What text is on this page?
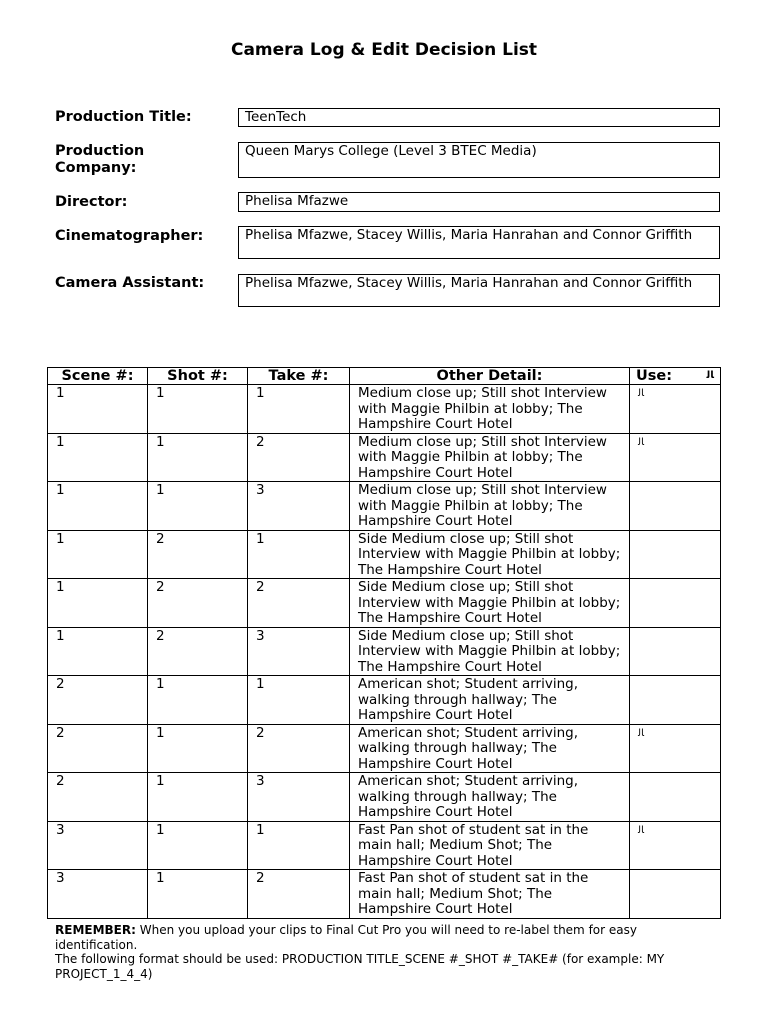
Camera Log & Edit Decision List
Production Title:	TeenTech
Production Company:
Queen Marys College (Level 3 BTEC Media)
Director:	Phelisa Mfazwe
Cinematographer:	Phelisa Mfazwe, Stacey Willis, Maria Hanrahan and Connor Griffith
Camera Assistant:	Phelisa Mfazwe, Stacey Willis, Maria Hanrahan and Connor Griffith
Scene #:	Shot #:	Take #:	Other Detail:	Use: ﺎﻟ

1	1	1	Medium close up; Still shot Interview with Maggie Philbin at lobby; The Hampshire Court Hotel	ﺎﻟ
1	1	2	Medium close up; Still shot Interview with Maggie Philbin at lobby; The Hampshire Court Hotel	ﺎﻟ
1	1	3	Medium close up; Still shot Interview with Maggie Philbin at lobby; The Hampshire Court Hotel	
1	2	1	Side Medium close up; Still shot Interview with Maggie Philbin at lobby; The Hampshire Court Hotel	
1	2	2	Side Medium close up; Still shot Interview with Maggie Philbin at lobby; The Hampshire Court Hotel	
1	2	3	Side Medium close up; Still shot Interview with Maggie Philbin at lobby; The Hampshire Court Hotel	
2	1	1	American shot; Student arriving, walking through hallway; The Hampshire Court Hotel	
2	1	2	American shot; Student arriving, walking through hallway; The Hampshire Court Hotel	ﺎﻟ
2	1	3	American shot; Student arriving, walking through hallway; The Hampshire Court Hotel	
3	1	1	Fast Pan shot of student sat in the main hall; Medium Shot; The Hampshire Court Hotel	ﺎﻟ
3	1	2	Fast Pan shot of student sat in the main hall; Medium Shot; The Hampshire Court Hotel	
REMEMBER: When you upload your clips to Final Cut Pro you will need to re-label them for easy identification.
The following format should be used: PRODUCTION TITLE_SCENE #_SHOT #_TAKE# (for example: MY PROJECT_1_4_4)
